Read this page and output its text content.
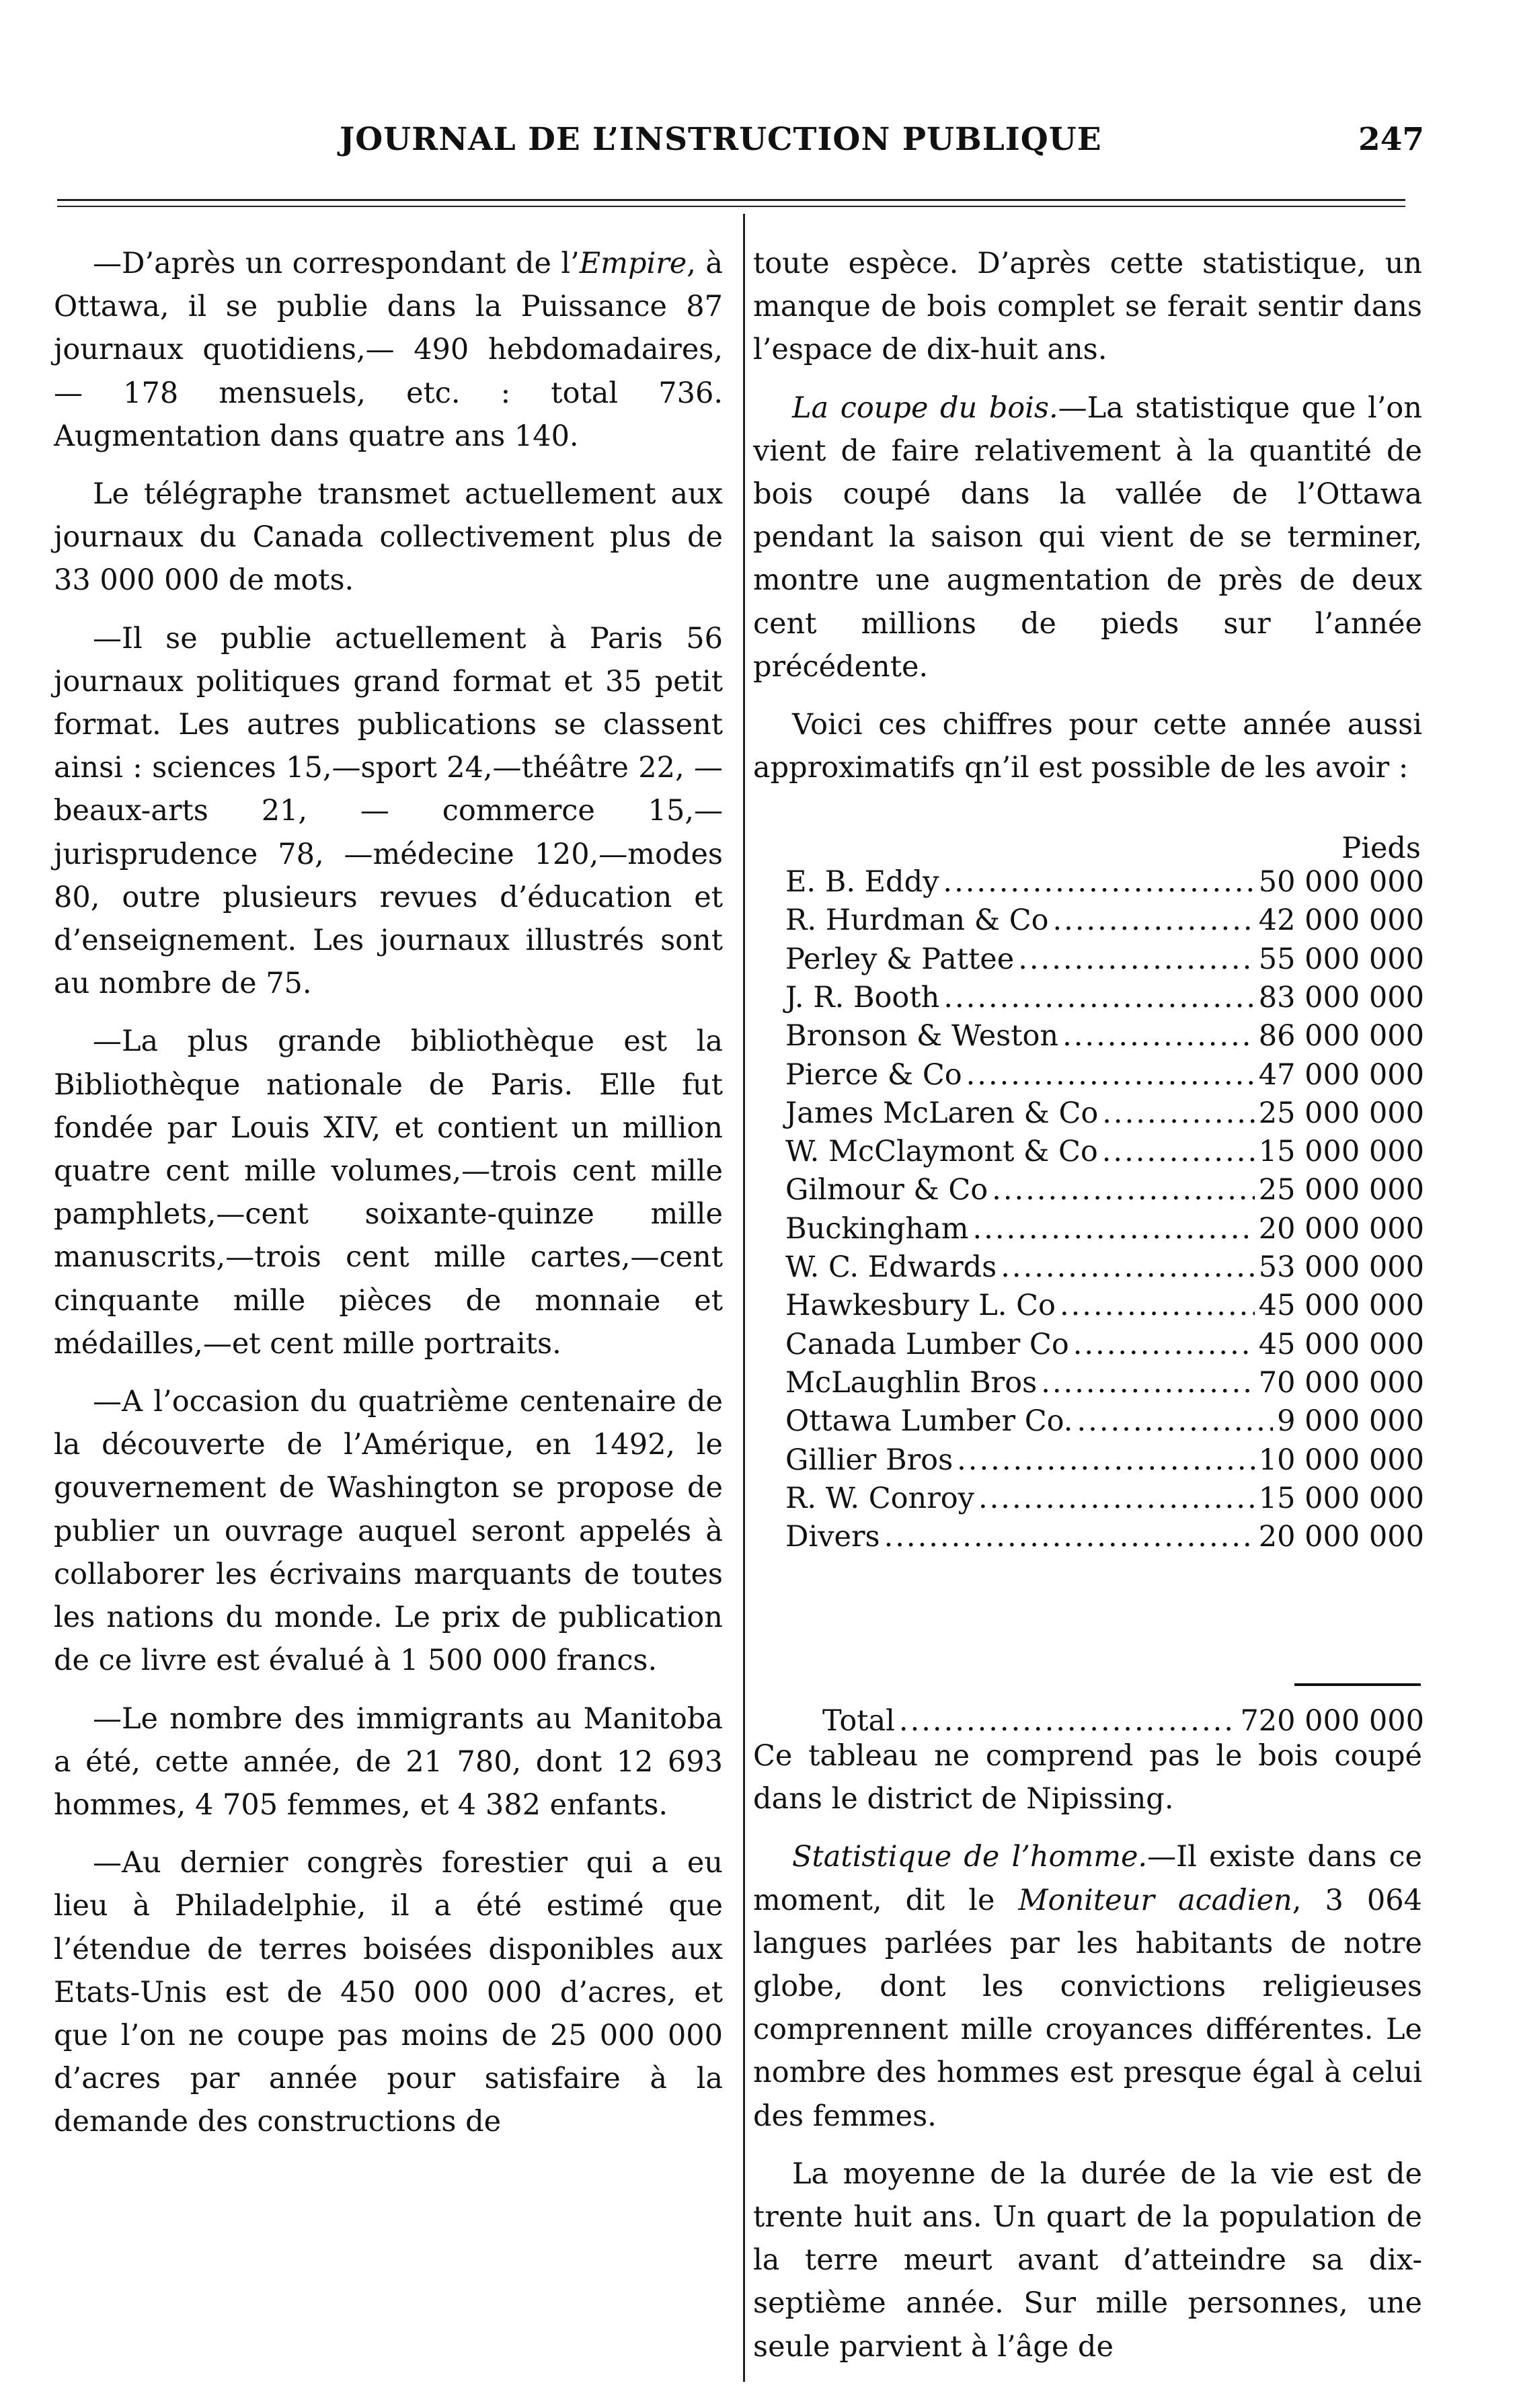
JOURNAL DE L’INSTRUCTION PUBLIQUE	247

—D’après un correspondant de l’Empire, à Ottawa, il se publie dans la Puissance 87 journaux quotidiens,— 490 hebdomadaires, — 178 mensuels, etc. : total 736. Augmentation dans quatre ans 140.

Le télégraphe transmet actuellement aux journaux du Canada collectivement plus de 33 000 000 de mots.

—Il se publie actuellement à Paris 56 journaux politiques grand format et 35 petit format. Les autres publications se classent ainsi : sciences 15,—sport 24,—théâtre 22, — beaux-arts 21, — commerce 15,—jurisprudence 78, —médecine 120,—modes 80, outre plusieurs revues d’éducation et d’enseignement. Les journaux illustrés sont au nombre de 75.

—La plus grande bibliothèque est la Bibliothèque nationale de Paris. Elle fut fondée par Louis XIV, et contient un million quatre cent mille volumes,—trois cent mille pamphlets,—cent soixante-quinze mille manuscrits,—trois cent mille cartes,—cent cinquante mille pièces de monnaie et médailles,—et cent mille portraits.

—A l’occasion du quatrième centenaire de la découverte de l’Amérique, en 1492, le gouvernement de Washington se propose de publier un ouvrage auquel seront appelés à collaborer les écrivains marquants de toutes les nations du monde. Le prix de publication de ce livre est évalué à 1 500 000 francs.

—Le nombre des immigrants au Manitoba a été, cette année, de 21 780, dont 12 693 hommes, 4 705 femmes, et 4 382 enfants.

—Au dernier congrès forestier qui a eu lieu à Philadelphie, il a été estimé que l’étendue de terres boisées disponibles aux Etats-Unis est de 450 000 000 d’acres, et que l’on ne coupe pas moins de 25 000 000 d’acres par année pour satisfaire à la demande des constructions de

toute espèce. D’après cette statistique, un manque de bois complet se ferait sentir dans l’espace de dix-huit ans.

La coupe du bois.—La statistique que l’on vient de faire relativement à la quantité de bois coupé dans la vallée de l’Ottawa pendant la saison qui vient de se terminer, montre une augmentation de près de deux cent millions de pieds sur l’année précédente.

Voici ces chiffres pour cette année aussi approximatifs qn’il est possible de les avoir :

Pieds
E. B. Eddy .....	50 000 000
R. Hurdman & Co .....	42 000 000
Perley & Pattee .....	55 000 000
J. R. Booth .....	83 000 000
Bronson & Weston .....	86 000 000
Pierce & Co .....	47 000 000
James McLaren & Co .....	25 000 000
W. McClaymont & Co .....	15 000 000
Gilmour & Co .....	25 000 000
Buckingham .....	20 000 000
W. C. Edwards .....	53 000 000
Hawkesbury L. Co .....	45 000 000
Canada Lumber Co .....	45 000 000
McLaughlin Bros .....	70 000 000
Ottawa Lumber Co. .....	9 000 000
Gillier Bros .....	10 000 000
R. W. Conroy .....	15 000 000
Divers .....	20 000 000
Total .....	720 000 000

Ce tableau ne comprend pas le bois coupé dans le district de Nipissing.

Statistique de l’homme.—Il existe dans ce moment, dit le Moniteur acadien, 3 064 langues parlées par les habitants de notre globe, dont les convictions religieuses comprennent mille croyances différentes. Le nombre des hommes est presque égal à celui des femmes.

La moyenne de la durée de la vie est de trente huit ans. Un quart de la population de la terre meurt avant d’atteindre sa dix-septième année. Sur mille personnes, une seule parvient à l’âge de
